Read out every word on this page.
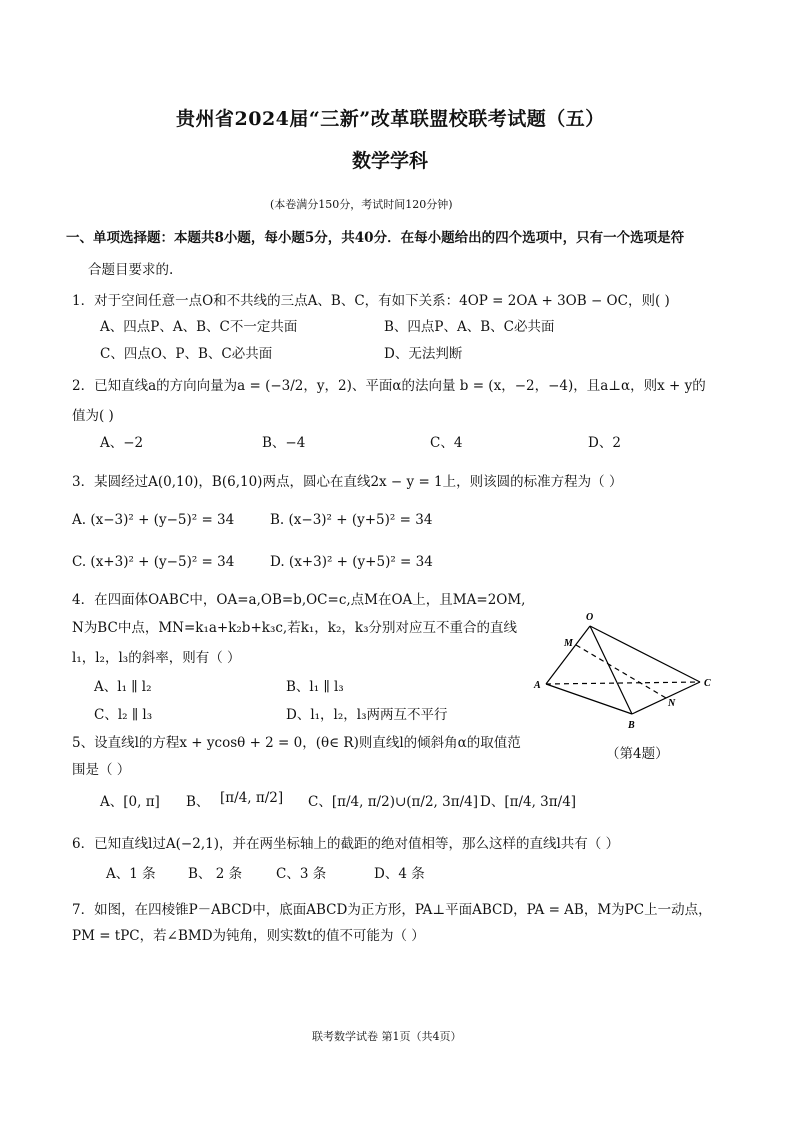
贵州省2024届“三新”改革联盟校联考试题（五）
数学学科
(本卷满分150分，考试时间120分钟)
一、单项选择题：本题共8小题，每小题5分，共40分．在每小题给出的四个选项中，只有一个选项是符
合题目要求的.
1．对于空间任意一点O和不共线的三点A、B、C，有如下关系：4OP = 2OA + 3OB − OC，则( )
A、四点P、A、B、C不一定共面	B、四点P、A、B、C必共面
C、四点O、P、B、C必共面	D、无法判断
2．已知直线a的方向向量为a = (−3/2，y，2)、平面α的法向量 b = (x，−2，−4)，且a⊥α，则x + y的
值为( )
A、−2	B、−4	C、4	D、2
3．某圆经过A(0,10)，B(6,10)两点，圆心在直线2x − y = 1上，则该圆的标准方程为（ ）
A. (x−3)² + (y−5)² = 34	B. (x−3)² + (y+5)² = 34
C. (x+3)² + (y−5)² = 34	D. (x+3)² + (y+5)² = 34
4．在四面体OABC中，OA=a,OB=b,OC=c,点M在OA上，且MA=2OM,
N为BC中点，MN=k₁a+k₂b+k₃c,若k₁，k₂，k₃分别对应互不重合的直线
l₁，l₂，l₃的斜率，则有（ ）
A、l₁ ∥ l₂	B、l₁ ∥ l₃
C、l₂ ∥ l₃	D、l₁，l₂，l₃两两互不平行
O
M
A	C
N
B
（第4题）
5、设直线l的方程x + ycosθ + 2 = 0，(θ∈ R)则直线l的倾斜角α的取值范
围是（ ）
A、[0, π] B、 [π/4, π/2] C、[π/4, π/2)∪(π/2, 3π/4] D、[π/4, 3π/4]
6．已知直线l过A(−2,1)，并在两坐标轴上的截距的绝对值相等，那么这样的直线l共有（ ）
A、1 条 B、 2 条	C、3 条	D、4 条
7．如图，在四棱锥P－ABCD中，底面ABCD为正方形，PA⊥平面ABCD，PA = AB，M为PC上一动点，
PM = tPC，若∠BMD为钝角，则实数t的值不可能为（ ）
联考数学试卷 第1页（共4页）
